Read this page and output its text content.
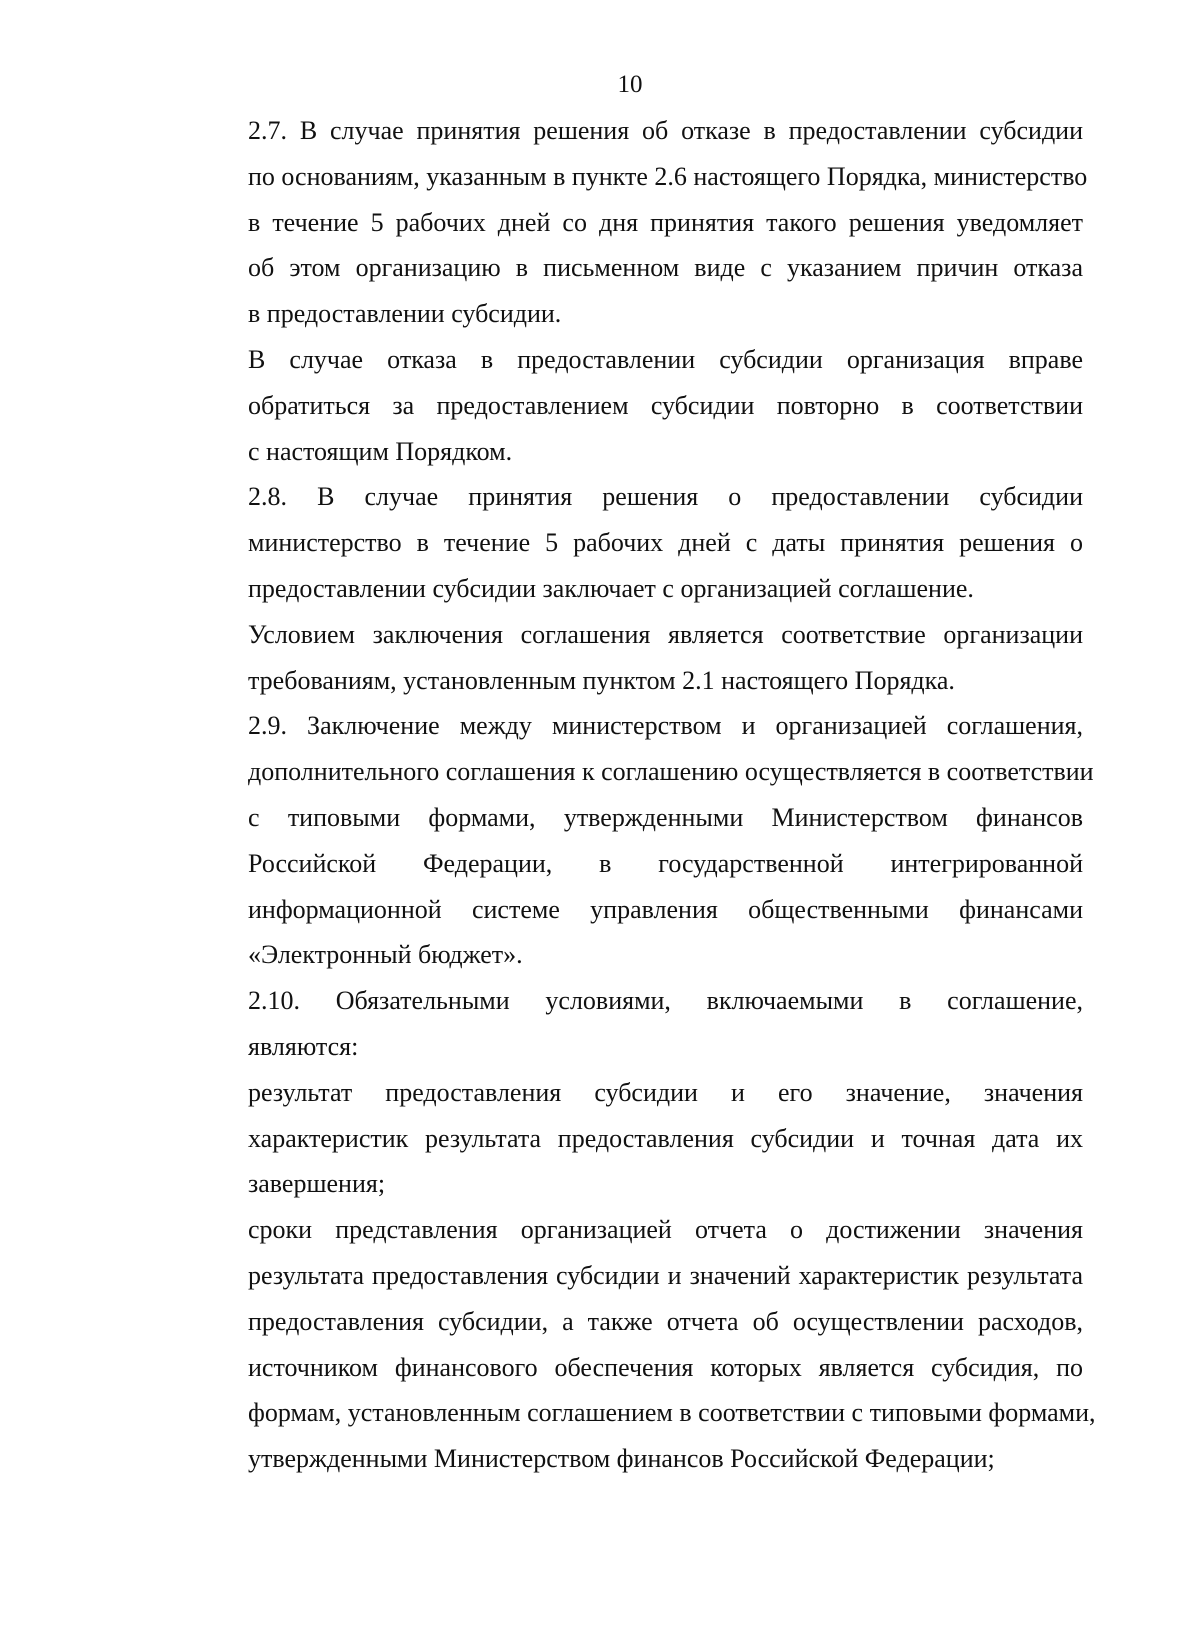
10

2.7. В случае принятия решения об отказе в предоставлении субсидии
по основаниям, указанным в пункте 2.6 настоящего Порядка, министерство
в течение 5 рабочих дней со дня принятия такого решения уведомляет
об этом организацию в письменном виде с указанием причин отказа
в предоставлении субсидии.

В случае отказа в предоставлении субсидии организация вправе
обратиться за предоставлением субсидии повторно в соответствии
с настоящим Порядком.

2.8. В случае принятия решения о предоставлении субсидии
министерство в течение 5 рабочих дней с даты принятия решения о
предоставлении субсидии заключает с организацией соглашение.

Условием заключения соглашения является соответствие организации
требованиям, установленным пунктом 2.1 настоящего Порядка.

2.9. Заключение между министерством и организацией соглашения,
дополнительного соглашения к соглашению осуществляется в соответствии
с типовыми формами, утвержденными Министерством финансов
Российской Федерации, в государственной интегрированной
информационной системе управления общественными финансами
«Электронный бюджет».

2.10. Обязательными условиями, включаемыми в соглашение,
являются:

результат предоставления субсидии и его значение, значения
характеристик результата предоставления субсидии и точная дата их
завершения;

сроки представления организацией отчета о достижении значения
результата предоставления субсидии и значений характеристик результата
предоставления субсидии, а также отчета об осуществлении расходов,
источником финансового обеспечения которых является субсидия, по
формам, установленным соглашением в соответствии с типовыми формами,
утвержденными Министерством финансов Российской Федерации;
